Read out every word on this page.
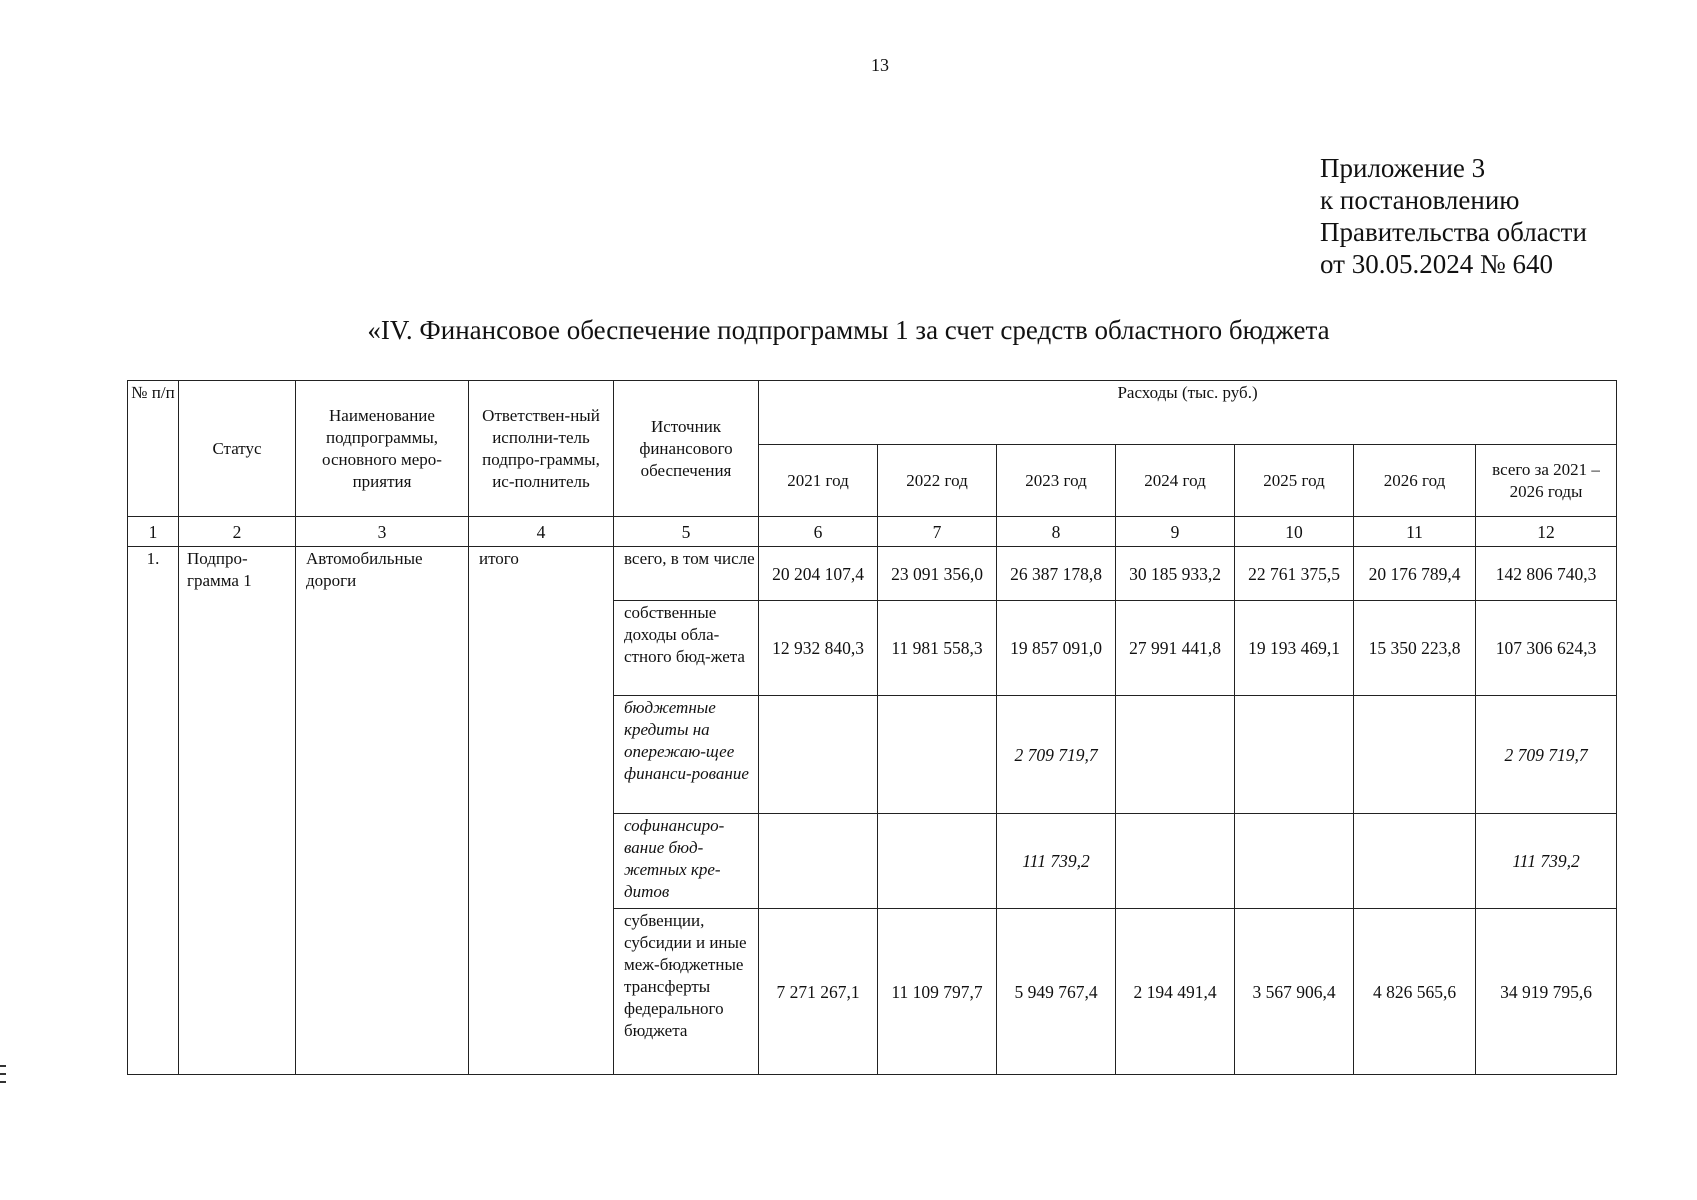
13
Приложение 3
к постановлению
Правительства области
от 30.05.2024 № 640
«IV. Финансовое обеспечение подпрограммы 1 за счет средств областного бюджета
№ п/п	Статус	Наименование подпрограммы, основного меро-приятия	Ответствен-ный исполни-тель подпро-граммы, ис-полнитель	Источник финансового обеспечения	Расходы (тыс. руб.)						
					2021 год	2022 год	2023 год	2024 год	2025 год	2026 год	всего за 2021 – 2026 годы
1	2	3	4	5	6	7	8	9	10	11	12
1.	Подпро-грамма 1	Автомобильные дороги	итого	всего, в том числе	20 204 107,4	23 091 356,0	26 387 178,8	30 185 933,2	22 761 375,5	20 176 789,4	142 806 740,3
				собственные доходы обла-стного бюд-жета	12 932 840,3	11 981 558,3	19 857 091,0	27 991 441,8	19 193 469,1	15 350 223,8	107 306 624,3
				бюджетные кредиты на опережаю-щее финанси-рование			2 709 719,7				2 709 719,7
				софинансиро-вание бюд-жетных кре-дитов			111 739,2				111 739,2
				субвенции, субсидии и иные меж-бюджетные трансферты федерального бюджета	7 271 267,1	11 109 797,7	5 949 767,4	2 194 491,4	3 567 906,4	4 826 565,6	34 919 795,6
